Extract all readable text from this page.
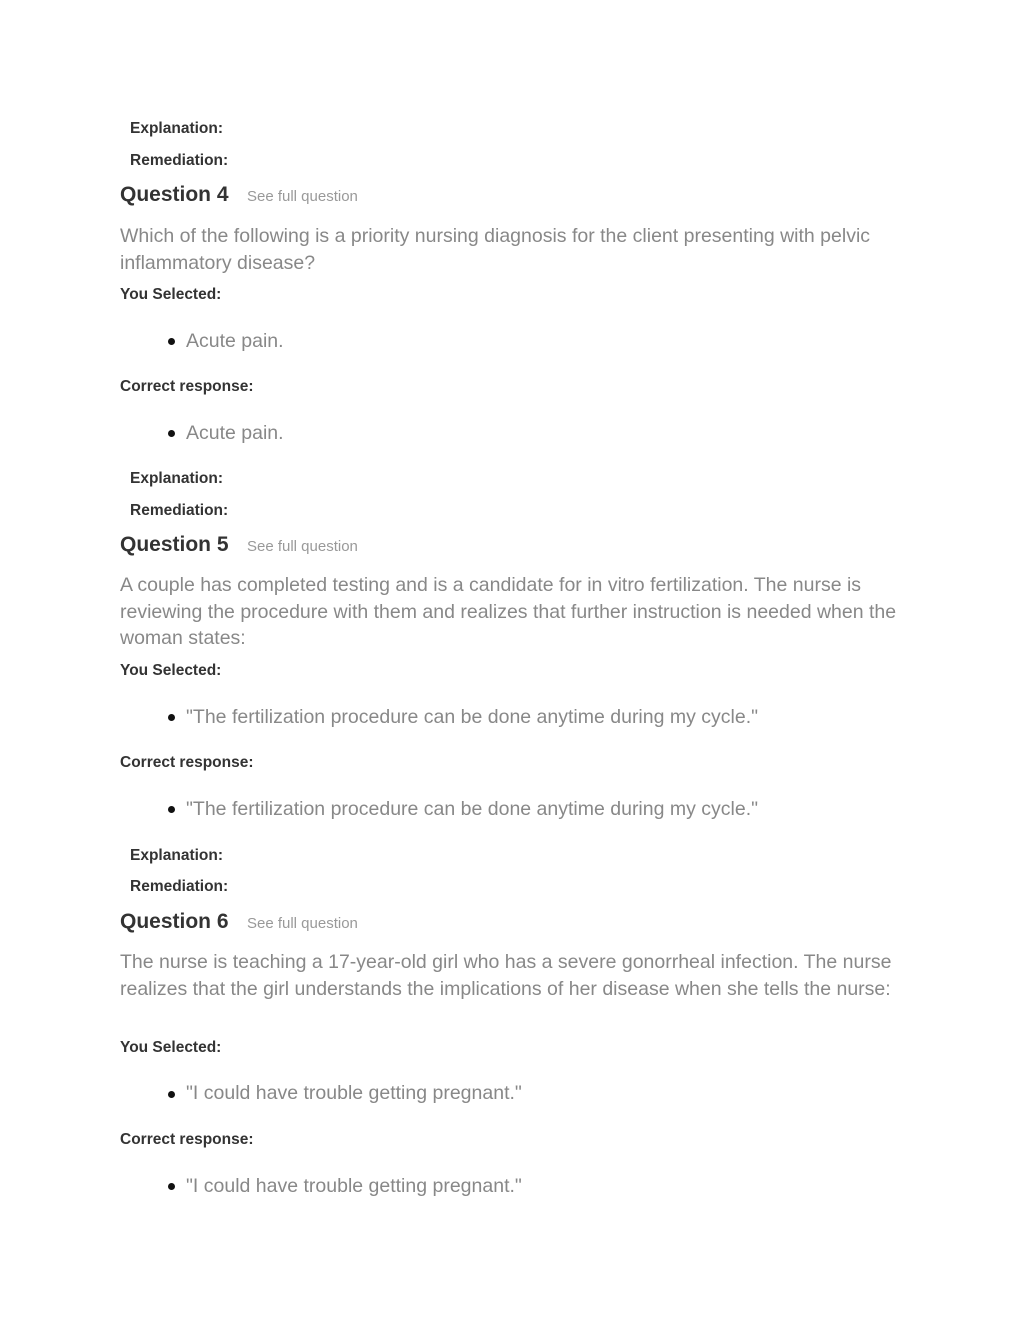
Explanation:

Remediation:

Question 4 See full question

Which of the following is a priority nursing diagnosis for the client presenting with pelvic inflammatory disease?

You Selected:

Acute pain.

Correct response:

Acute pain.

Explanation:

Remediation:

Question 5 See full question

A couple has completed testing and is a candidate for in vitro fertilization. The nurse is reviewing the procedure with them and realizes that further instruction is needed when the woman states:

You Selected:

"The fertilization procedure can be done anytime during my cycle."

Correct response:

"The fertilization procedure can be done anytime during my cycle."

Explanation:

Remediation:

Question 6 See full question

The nurse is teaching a 17-year-old girl who has a severe gonorrheal infection. The nurse realizes that the girl understands the implications of her disease when she tells the nurse:

You Selected:

"I could have trouble getting pregnant."

Correct response:

"I could have trouble getting pregnant."
